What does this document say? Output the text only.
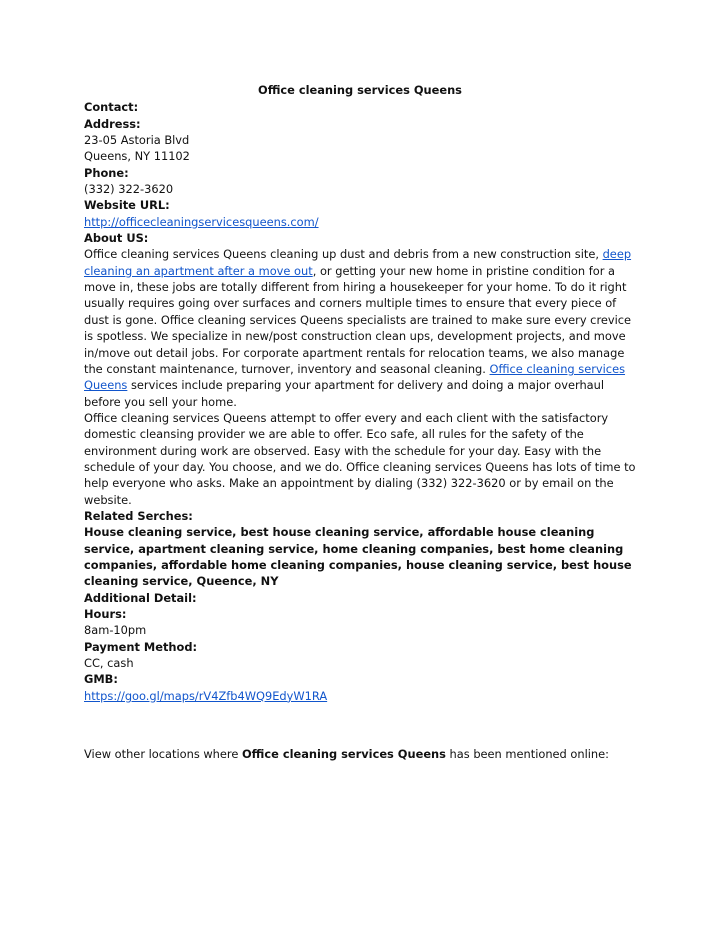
Office cleaning services Queens

Contact:

Address:

23-05 Astoria Blvd

Queens, NY 11102

Phone:

(332) 322-3620

Website URL:

http://officecleaningservicesqueens.com/

About US:

Office cleaning services Queens cleaning up dust and debris from a new construction site, deep cleaning an apartment after a move out, or getting your new home in pristine condition for a move in, these jobs are totally different from hiring a housekeeper for your home. To do it right usually requires going over surfaces and corners multiple times to ensure that every piece of dust is gone. Office cleaning services Queens specialists are trained to make sure every crevice is spotless. We specialize in new/post construction clean ups, development projects, and move in/move out detail jobs. For corporate apartment rentals for relocation teams, we also manage the constant maintenance, turnover, inventory and seasonal cleaning. Office cleaning services Queens services include preparing your apartment for delivery and doing a major overhaul before you sell your home.

Office cleaning services Queens attempt to offer every and each client with the satisfactory domestic cleansing provider we are able to offer. Eco safe, all rules for the safety of the environment during work are observed. Easy with the schedule for your day. Easy with the schedule of your day. You choose, and we do. Office cleaning services Queens has lots of time to help everyone who asks. Make an appointment by dialing (332) 322-3620 or by email on the website.

Related Serches:

House cleaning service, best house cleaning service, affordable house cleaning service, apartment cleaning service, home cleaning companies, best home cleaning companies, affordable home cleaning companies, house cleaning service, best house cleaning service, Queence, NY

Additional Detail:

Hours:

8am-10pm

Payment Method:

CC, cash

GMB:

https://goo.gl/maps/rV4Zfb4WQ9EdyW1RA

View other locations where Office cleaning services Queens has been mentioned online:
